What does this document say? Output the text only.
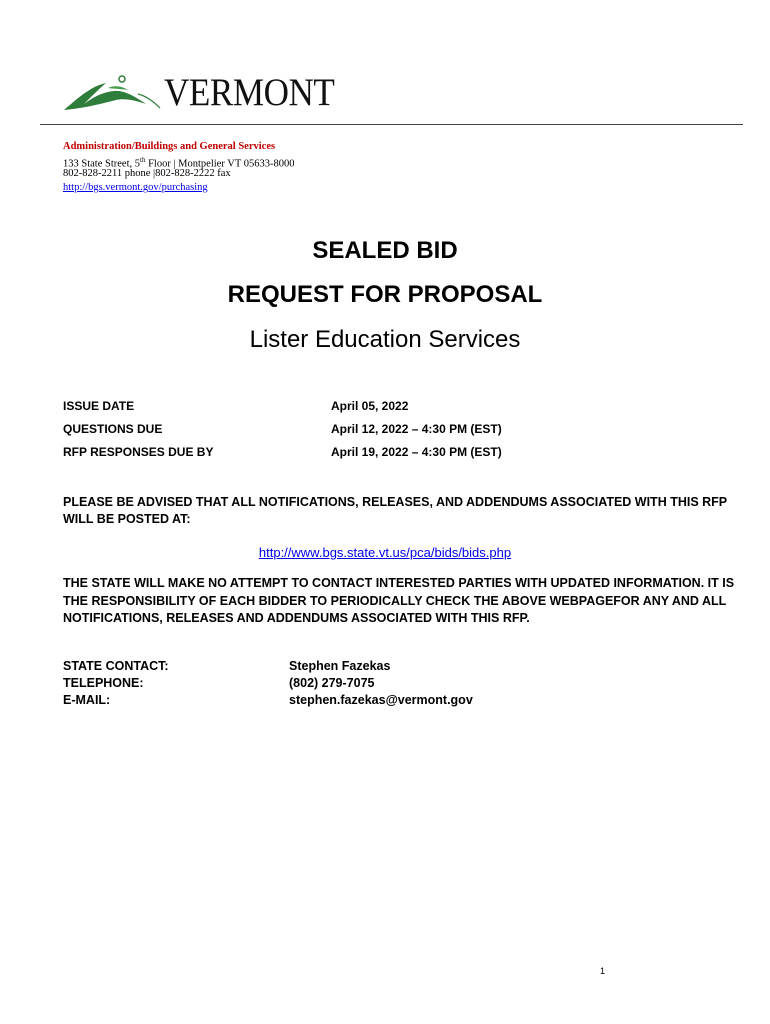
VERMONT
Administration/Buildings and General Services
133 State Street, 5th Floor | Montpelier VT 05633-8000
802-828-2211 phone |802-828-2222 fax
http://bgs.vermont.gov/purchasing
SEALED BID
REQUEST FOR PROPOSAL
Lister Education Services
ISSUE DATE	April 05, 2022
QUESTIONS DUE	April 12, 2022 – 4:30 PM (EST)
RFP RESPONSES DUE BY	April 19, 2022 – 4:30 PM (EST)
PLEASE BE ADVISED THAT ALL NOTIFICATIONS, RELEASES, AND ADDENDUMS ASSOCIATED WITH THIS RFP WILL BE POSTED AT:
http://www.bgs.state.vt.us/pca/bids/bids.php
THE STATE WILL MAKE NO ATTEMPT TO CONTACT INTERESTED PARTIES WITH UPDATED INFORMATION. IT IS THE RESPONSIBILITY OF EACH BIDDER TO PERIODICALLY CHECK THE ABOVE WEBPAGEFOR ANY AND ALL NOTIFICATIONS, RELEASES AND ADDENDUMS ASSOCIATED WITH THIS RFP.
STATE CONTACT:	Stephen Fazekas
TELEPHONE:	(802) 279-7075
E-MAIL:	stephen.fazekas@vermont.gov
1
